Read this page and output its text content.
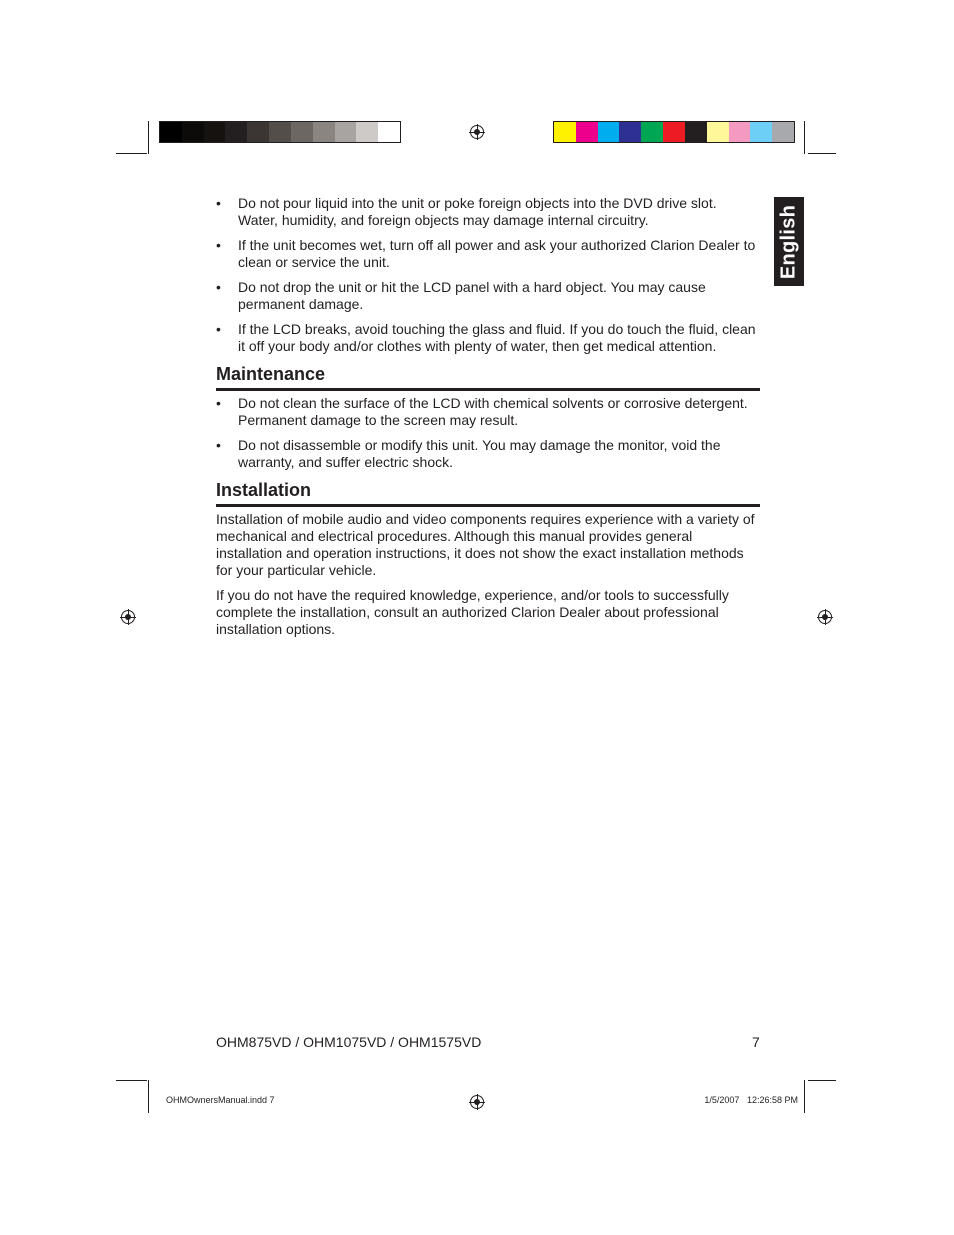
English
• Do not pour liquid into the unit or poke foreign objects into the DVD drive slot. Water, humidity, and foreign objects may damage internal circuitry.
• If the unit becomes wet, turn off all power and ask your authorized Clarion Dealer to clean or service the unit.
• Do not drop the unit or hit the LCD panel with a hard object. You may cause permanent damage.
• If the LCD breaks, avoid touching the glass and fluid. If you do touch the fluid, clean it off your body and/or clothes with plenty of water, then get medical attention.
Maintenance
• Do not clean the surface of the LCD with chemical solvents or corrosive detergent. Permanent damage to the screen may result.
• Do not disassemble or modify this unit. You may damage the monitor, void the warranty, and suffer electric shock.
Installation

Installation of mobile audio and video components requires experience with a variety of mechanical and electrical procedures. Although this manual provides general installation and operation instructions, it does not show the exact installation methods for your particular vehicle.

If you do not have the required knowledge, experience, and/or tools to successfully complete the installation, consult an authorized Clarion Dealer about professional installation options.

OHM875VD / OHM1075VD / OHM1575VD	7
OHMOwnersManual.indd 7	1/5/2007 12:26:58 PM
